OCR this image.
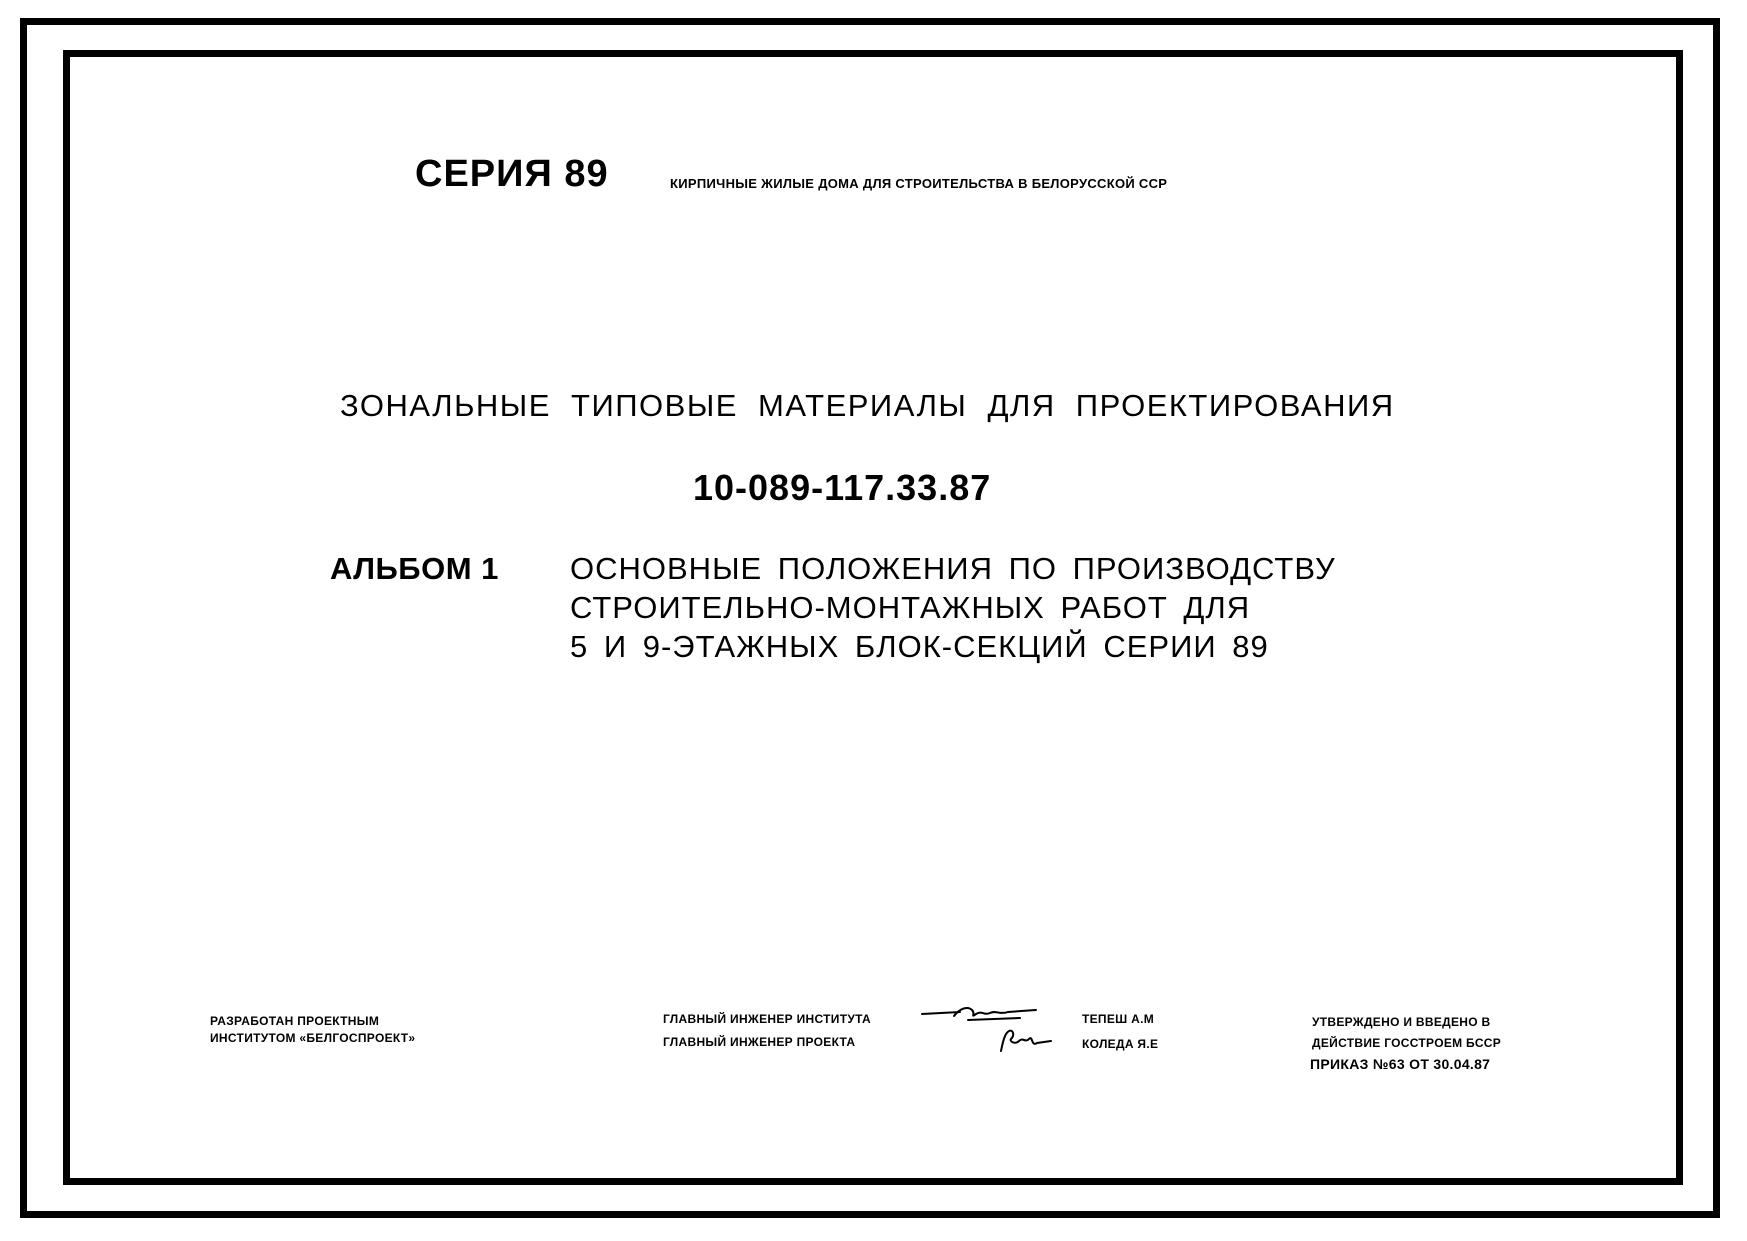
СЕРИЯ 89	КИРПИЧНЫЕ ЖИЛЫЕ ДОМА ДЛЯ СТРОИТЕЛЬСТВА В БЕЛОРУССКОЙ ССР
ЗОНАЛЬНЫЕ ТИПОВЫЕ МАТЕРИАЛЫ ДЛЯ ПРОЕКТИРОВАНИЯ
10-089-117.33.87
АЛЬБОМ 1 ОСНОВНЫЕ ПОЛОЖЕНИЯ ПО ПРОИЗВОДСТВУ
СТРОИТЕЛЬНО-МОНТАЖНЫХ РАБОТ ДЛЯ
5 И 9-ЭТАЖНЫХ БЛОК-СЕКЦИЙ СЕРИИ 89
РАЗРАБОТАН ПРОЕКТНЫМ
ИНСТИТУТОМ «БЕЛГОСПРОЕКТ»
ГЛАВНЫЙ ИНЖЕНЕР ИНСТИТУТА
ГЛАВНЫЙ ИНЖЕНЕР ПРОЕКТА
ТЕПЕШ А.М
КОЛЕДА Я.Е
УТВЕРЖДЕНО И ВВЕДЕНО В
ДЕЙСТВИЕ ГОССТРОЕМ БССР
ПРИКАЗ №63 ОТ 30.04.87
